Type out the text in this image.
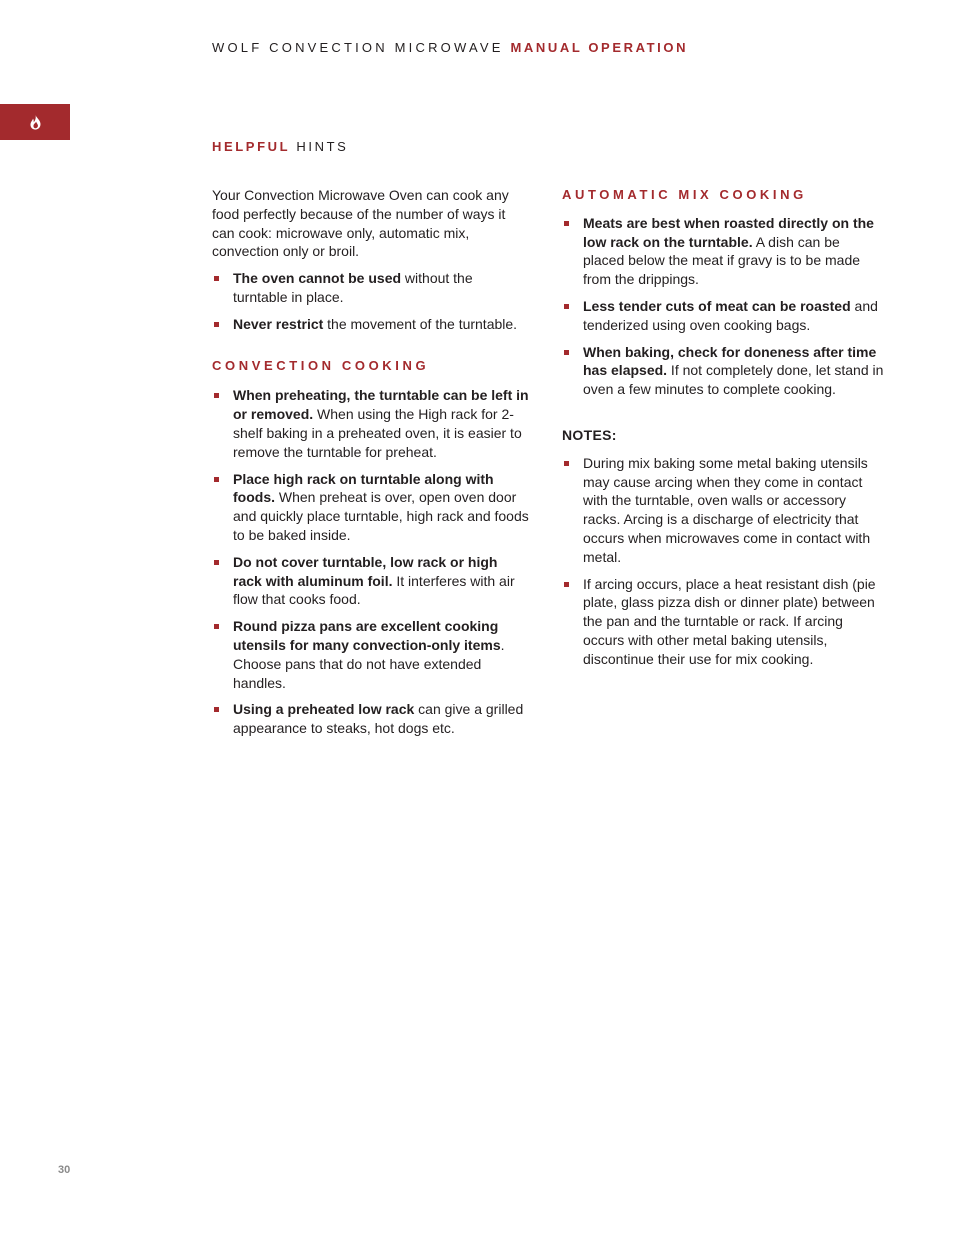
WOLF CONVECTION MICROWAVE MANUAL OPERATION
HELPFUL HINTS

Your Convection Microwave Oven can cook any food perfectly because of the number of ways it can cook: microwave only, automatic mix, convection only or broil.

The oven cannot be used without the turntable in place.
Never restrict the movement of the turntable.
CONVECTION COOKING
When preheating, the turntable can be left in or removed. When using the High rack for 2-shelf baking in a preheated oven, it is easier to remove the turntable for preheat.
Place high rack on turntable along with foods. When preheat is over, open oven door and quickly place turntable, high rack and foods to be baked inside.
Do not cover turntable, low rack or high rack with aluminum foil. It interferes with air flow that cooks food.
Round pizza pans are excellent cooking utensils for many convection-only items. Choose pans that do not have extended handles.
Using a preheated low rack can give a grilled appearance to steaks, hot dogs etc.
AUTOMATIC MIX COOKING
Meats are best when roasted directly on the low rack on the turntable. A dish can be placed below the meat if gravy is to be made from the drippings.
Less tender cuts of meat can be roasted and tenderized using oven cooking bags.
When baking, check for doneness after time has elapsed. If not completely done, let stand in oven a few minutes to complete cooking.
NOTES:
During mix baking some metal baking utensils may cause arcing when they come in contact with the turntable, oven walls or accessory racks. Arcing is a discharge of electricity that occurs when microwaves come in contact with metal.
If arcing occurs, place a heat resistant dish (pie plate, glass pizza dish or dinner plate) between the pan and the turntable or rack. If arcing occurs with other metal baking utensils, discontinue their use for mix cooking.
30
